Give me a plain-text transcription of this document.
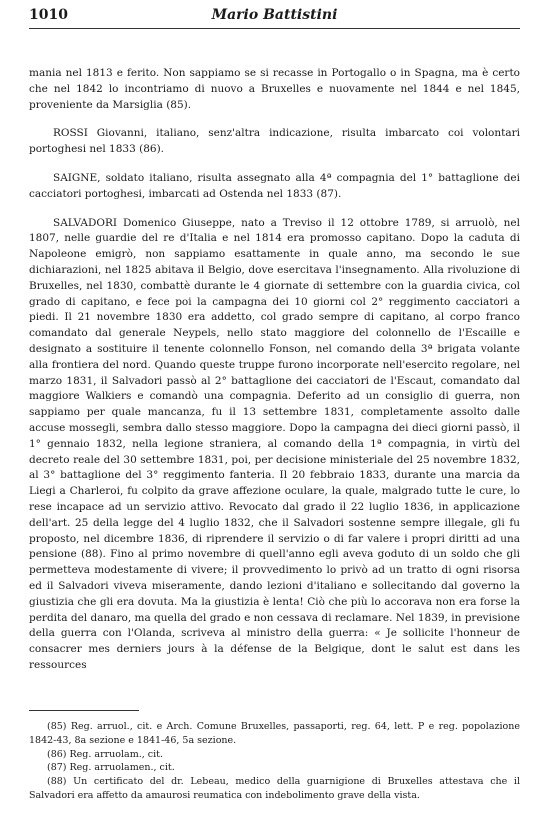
1010	Mario Battistini

mania nel 1813 e ferito. Non sappiamo se si recasse in Portogallo o in Spagna, ma è certo che nel 1842 lo incontriamo di nuovo a Bruxelles e nuovamente nel 1844 e nel 1845, proveniente da Marsiglia (85).

ROSSI Giovanni, italiano, senz'altra indicazione, risulta imbarcato coi volontari portoghesi nel 1833 (86).

SAIGNE, soldato italiano, risulta assegnato alla 4ª compagnia del 1° battaglione dei cacciatori portoghesi, imbarcati ad Ostenda nel 1833 (87).

SALVADORI Domenico Giuseppe, nato a Treviso il 12 ottobre 1789, si arruolò, nel 1807, nelle guardie del re d'Italia e nel 1814 era promosso capitano. Dopo la caduta di Napoleone emigrò, non sappiamo esattamente in quale anno, ma secondo le sue dichiarazioni, nel 1825 abitava il Belgio, dove esercitava l'insegnamento. Alla rivoluzione di Bruxelles, nel 1830, combattè durante le 4 giornate di settembre con la guardia civica, col grado di capitano, e fece poi la campagna dei 10 giorni col 2° reggimento cacciatori a piedi. Il 21 novembre 1830 era addetto, col grado sempre di capitano, al corpo franco comandato dal generale Neypels, nello stato maggiore del colonnello de l'Escaille e designato a sostituire il tenente colonnello Fonson, nel comando della 3ª brigata volante alla frontiera del nord. Quando queste truppe furono incorporate nell'esercito regolare, nel marzo 1831, il Salvadori passò al 2° battaglione dei cacciatori de l'Escaut, comandato dal maggiore Walkiers e comandò una compagnia. Deferito ad un consiglio di guerra, non sappiamo per quale mancanza, fu il 13 settembre 1831, completamente assolto dalle accuse mossegli, sembra dallo stesso maggiore. Dopo la campagna dei dieci giorni passò, il 1° gennaio 1832, nella legione straniera, al comando della 1ª compagnia, in virtù del decreto reale del 30 settembre 1831, poi, per decisione ministeriale del 25 novembre 1832, al 3° battaglione del 3° reggimento fanteria. Il 20 febbraio 1833, durante una marcia da Liegi a Charleroi, fu colpito da grave affezione oculare, la quale, malgrado tutte le cure, lo rese incapace ad un servizio attivo. Revocato dal grado il 22 luglio 1836, in applicazione dell'art. 25 della legge del 4 luglio 1832, che il Salvadori sostenne sempre illegale, gli fu proposto, nel dicembre 1836, di riprendere il servizio o di far valere i propri diritti ad una pensione (88). Fino al primo novembre di quell'anno egli aveva goduto di un soldo che gli permetteva modestamente di vivere; il provvedimento lo privò ad un tratto di ogni risorsa ed il Salvadori viveva miseramente, dando lezioni d'italiano e sollecitando dal governo la giustizia che gli era dovuta. Ma la giustizia è lenta! Ciò che più lo accorava non era forse la perdita del danaro, ma quella del grado e non cessava di reclamare. Nel 1839, in previsione della guerra con l'Olanda, scriveva al ministro della guerra: « Je sollicite l'honneur de consacrer mes derniers jours à la défense de la Belgique, dont le salut est dans les ressources

(85) Reg. arruol., cit. e Arch. Comune Bruxelles, passaporti, reg. 64, lett. P e reg. popolazione 1842-43, 8a sezione e 1841-46, 5a sezione.

(86) Reg. arruolam., cit.

(87) Reg. arruolamen., cit.

(88) Un certificato del dr. Lebeau, medico della guarnigione di Bruxelles attestava che il Salvadori era affetto da amaurosi reumatica con indebolimento grave della vista.
